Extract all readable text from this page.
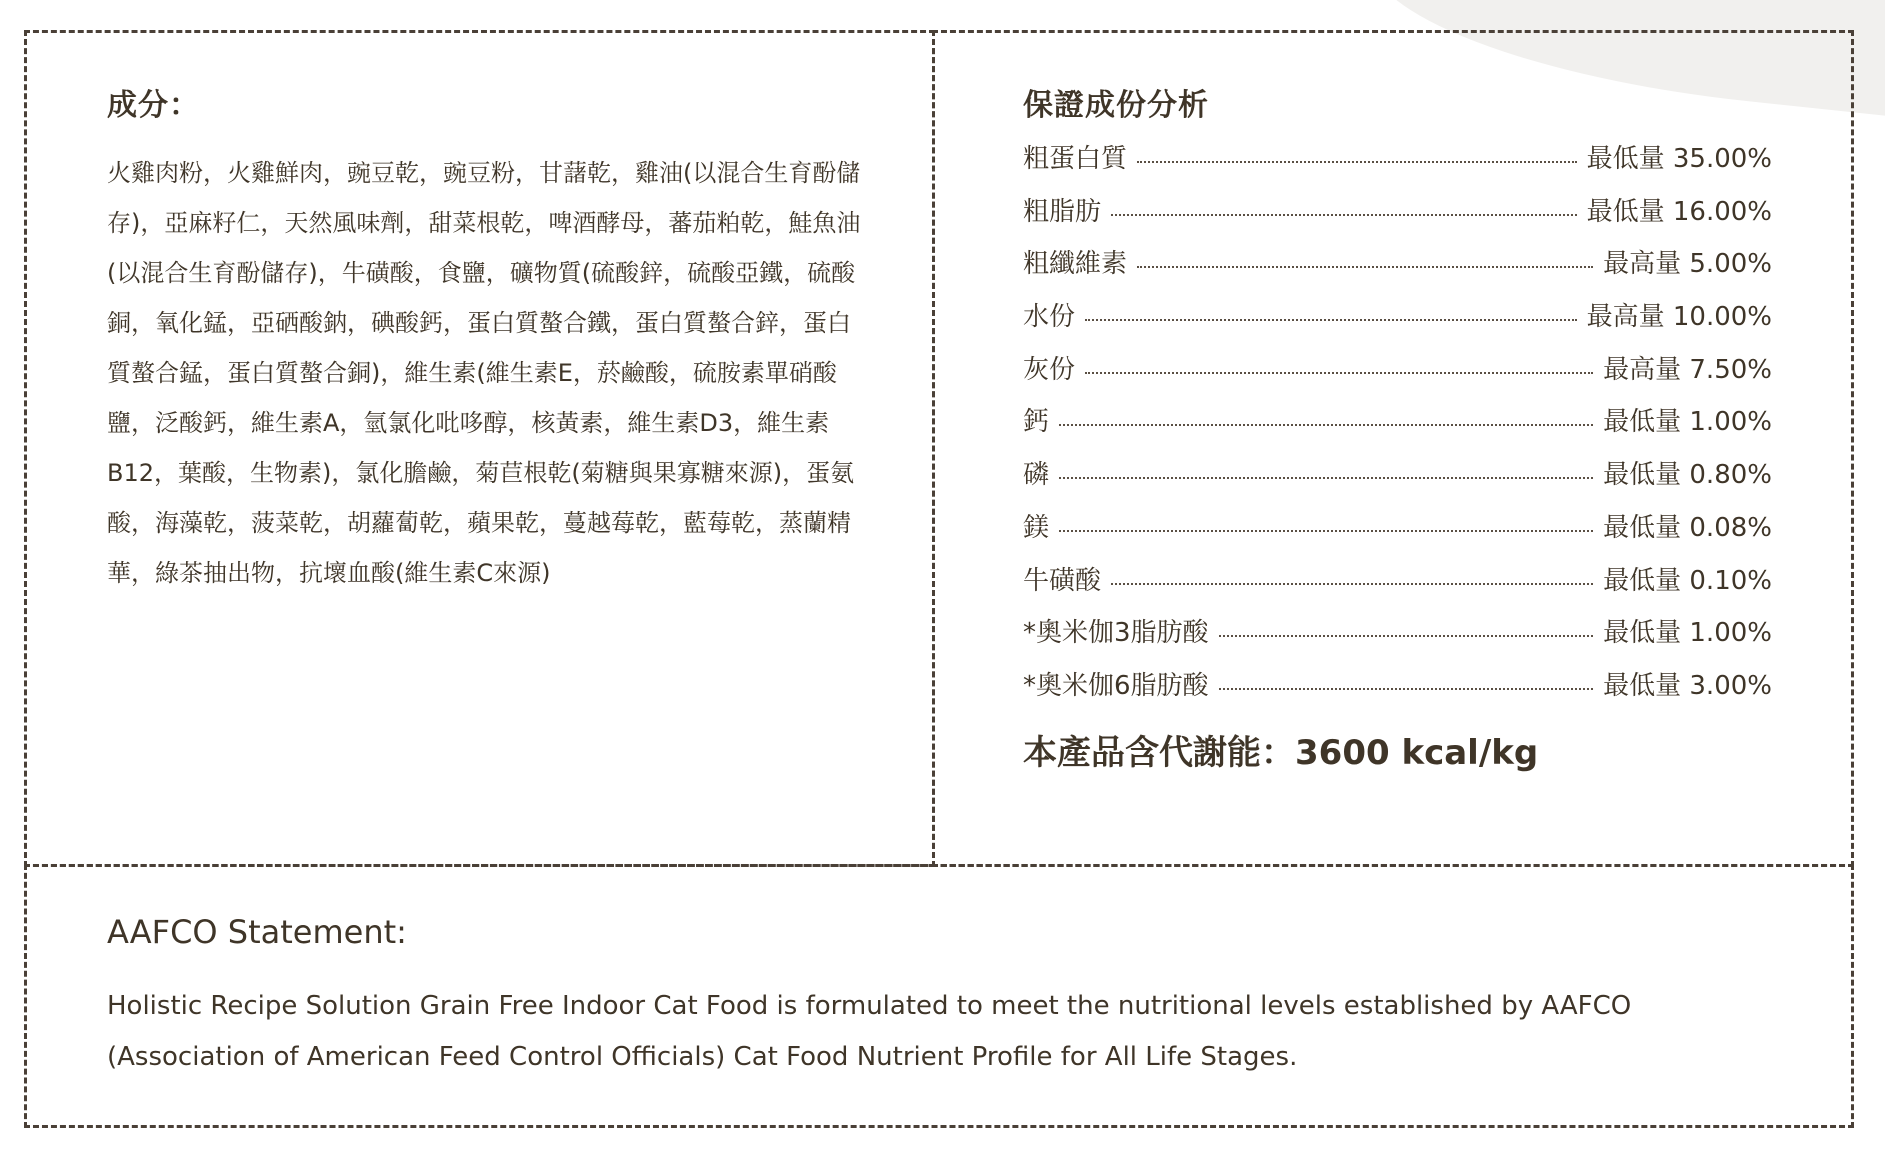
成分：

火雞肉粉，火雞鮮肉，豌豆乾，豌豆粉，甘藷乾，雞油(以混合生育酚儲存)，亞麻籽仁，天然風味劑，甜菜根乾，啤酒酵母，蕃茄粕乾，鮭魚油(以混合生育酚儲存)，牛磺酸，食鹽，礦物質(硫酸鋅，硫酸亞鐵，硫酸銅，氧化錳，亞硒酸鈉，碘酸鈣，蛋白質螯合鐵，蛋白質螯合鋅，蛋白質螯合錳，蛋白質螯合銅)，維生素(維生素E，菸鹼酸，硫胺素單硝酸鹽，泛酸鈣，維生素A，氫氯化吡哆醇，核黃素，維生素D3，維生素B12，葉酸，生物素)，氯化膽鹼，菊苣根乾(菊糖與果寡糖來源)，蛋氨酸，海藻乾，菠菜乾，胡蘿蔔乾，蘋果乾，蔓越莓乾，藍莓乾，蒸蘭精華，綠茶抽出物，抗壞血酸(維生素C來源)

保證成份分析
粗蛋白質	最低量 35.00%
粗脂肪	最低量 16.00%
粗纖維素	最高量 5.00%
水份	最高量 10.00%
灰份	最高量 7.50%
鈣	最低量 1.00%
磷	最低量 0.80%
鎂	最低量 0.08%
牛磺酸	最低量 0.10%
*奧米伽3脂肪酸	最低量 1.00%
*奧米伽6脂肪酸	最低量 3.00%

本產品含代謝能：3600 kcal/kg

AAFCO Statement:

Holistic Recipe Solution Grain Free Indoor Cat Food is formulated to meet the nutritional levels established by AAFCO (Association of American Feed Control Officials) Cat Food Nutrient Profile for All Life Stages.
